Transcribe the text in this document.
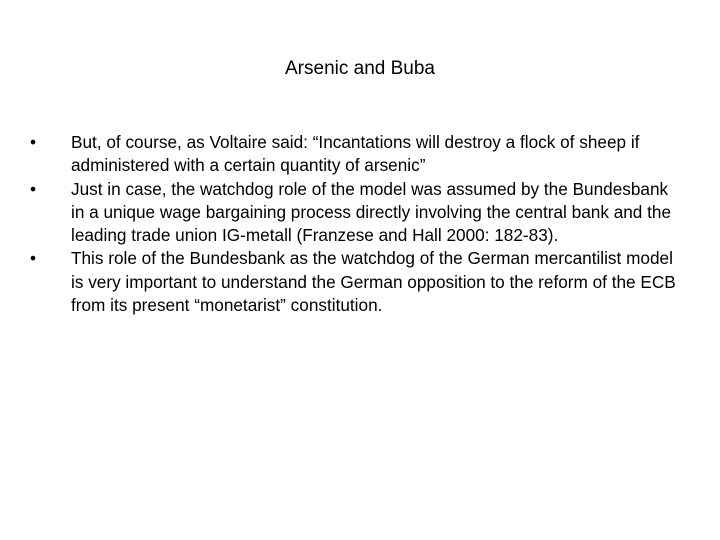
Arsenic and Buba
•	But, of course, as Voltaire said: “Incantations will destroy a flock of sheep if administered with a certain quantity of arsenic”
•	Just in case, the watchdog role of the model was assumed by the Bundesbank in a unique wage bargaining process directly involving the central bank and the leading trade union IG-metall (Franzese and Hall 2000: 182-83).
•	This role of the Bundesbank as the watchdog of the German mercantilist model is very important to understand the German opposition to the reform of the ECB from its present “monetarist” constitution.
